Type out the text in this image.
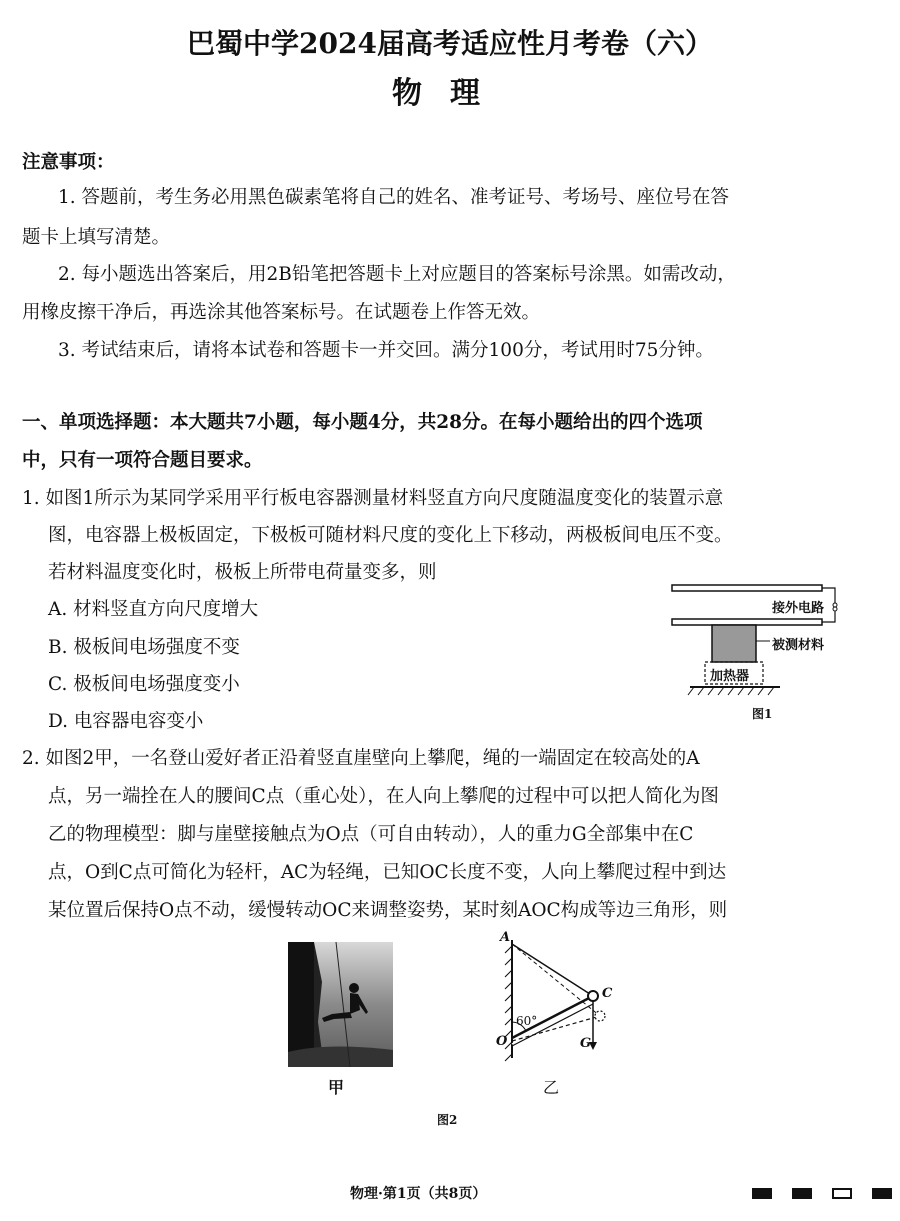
巴蜀中学2024届高考适应性月考卷（六）
物理
注意事项：
1. 答题前，考生务必用黑色碳素笔将自己的姓名、准考证号、考场号、座位号在答
题卡上填写清楚。
2. 每小题选出答案后，用2B铅笔把答题卡上对应题目的答案标号涂黑。如需改动，
用橡皮擦干净后，再选涂其他答案标号。在试题卷上作答无效。
3. 考试结束后，请将本试卷和答题卡一并交回。满分100分，考试用时75分钟。
一、单项选择题：本大题共7小题，每小题4分，共28分。在每小题给出的四个选项
中，只有一项符合题目要求。
1. 如图1所示为某同学采用平行板电容器测量材料竖直方向尺度随温度变化的装置示意
图，电容器上极板固定，下极板可随材料尺度的变化上下移动，两极板间电压不变。
若材料温度变化时，极板上所带电荷量变多，则
A. 材料竖直方向尺度增大
B. 极板间电场强度不变
C. 极板间电场强度变小
D. 电容器电容变小
接外电路
被测材料
加热器
图1
2. 如图2甲，一名登山爱好者正沿着竖直崖壁向上攀爬，绳的一端固定在较高处的A
点，另一端拴在人的腰间C点（重心处），在人向上攀爬的过程中可以把人简化为图
乙的物理模型：脚与崖壁接触点为O点（可自由转动），人的重力G全部集中在C
点，O到C点可简化为轻杆，AC为轻绳，已知OC长度不变，人向上攀爬过程中到达
某位置后保持O点不动，缓慢转动OC来调整姿势，某时刻AOC构成等边三角形，则
甲
A
C
O	G
60°
乙
图2
物理·第1页（共8页）
